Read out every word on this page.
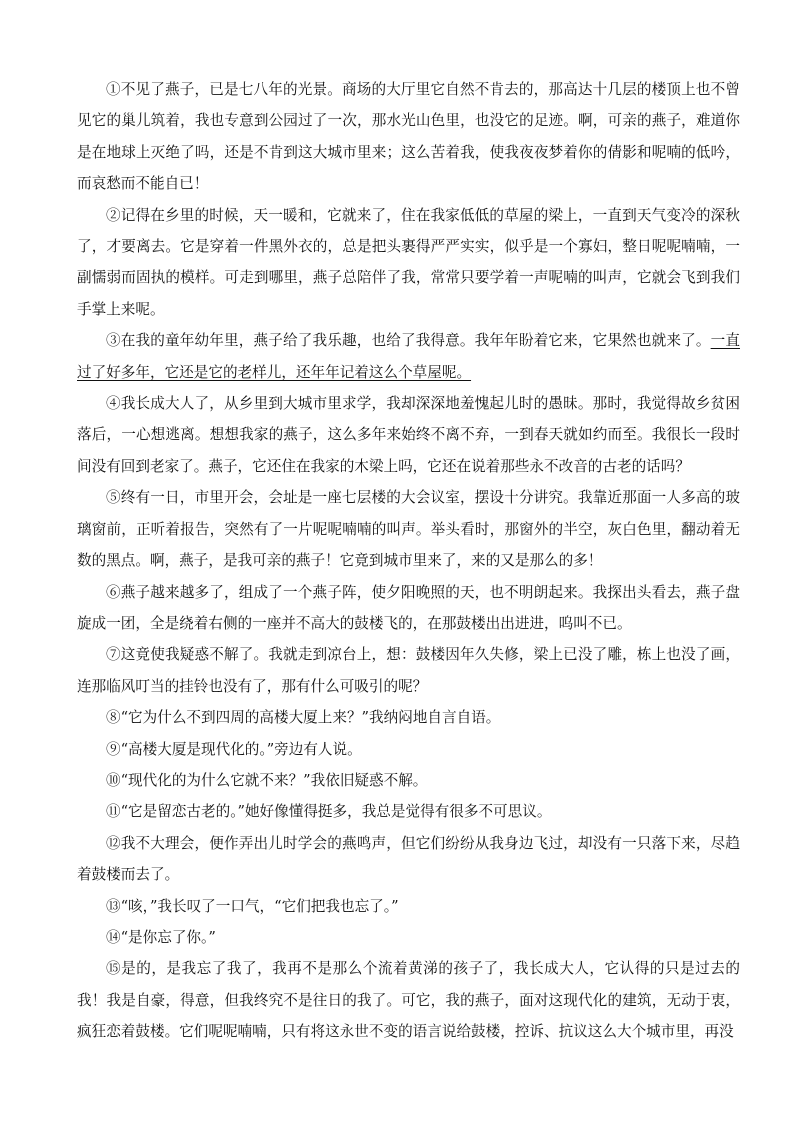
①不见了燕子，已是七八年的光景。商场的大厅里它自然不肯去的，那高达十几层的楼顶上也不曾见它的巢儿筑着，我也专意到公园过了一次，那水光山色里，也没它的足迹。啊，可亲的燕子，难道你是在地球上灭绝了吗，还是不肯到这大城市里来；这么苦着我，使我夜夜梦着你的倩影和呢喃的低吟，而哀愁而不能自已！

②记得在乡里的时候，天一暖和，它就来了，住在我家低低的草屋的梁上，一直到天气变冷的深秋了，才要离去。它是穿着一件黑外衣的，总是把头裹得严严实实，似乎是一个寡妇，整日呢呢喃喃，一副懦弱而固执的模样。可走到哪里，燕子总陪伴了我，常常只要学着一声呢喃的叫声，它就会飞到我们手掌上来呢。

③在我的童年幼年里，燕子给了我乐趣，也给了我得意。我年年盼着它来，它果然也就来了。一直过了好多年，它还是它的老样儿，还年年记着这么个草屋呢。

④我长成大人了，从乡里到大城市里求学，我却深深地羞愧起儿时的愚昧。那时，我觉得故乡贫困落后，一心想逃离。想想我家的燕子，这么多年来始终不离不弃，一到春天就如约而至。我很长一段时间没有回到老家了。燕子，它还住在我家的木梁上吗，它还在说着那些永不改音的古老的话吗？

⑤终有一日，市里开会，会址是一座七层楼的大会议室，摆设十分讲究。我靠近那面一人多高的玻璃窗前，正听着报告，突然有了一片呢呢喃喃的叫声。举头看时，那窗外的半空，灰白色里，翻动着无数的黑点。啊，燕子，是我可亲的燕子！它竟到城市里来了，来的又是那么的多！

⑥燕子越来越多了，组成了一个燕子阵，使夕阳晚照的天，也不明朗起来。我探出头看去，燕子盘旋成一团，全是绕着右侧的一座并不高大的鼓楼飞的，在那鼓楼出出进进，呜叫不已。

⑦这竟使我疑惑不解了。我就走到凉台上，想：鼓楼因年久失修，梁上已没了雕，栋上也没了画，连那临风叮当的挂铃也没有了，那有什么可吸引的呢？

⑧“它为什么不到四周的高楼大厦上来？”我纳闷地自言自语。

⑨“高楼大厦是现代化的。”旁边有人说。

⑩“现代化的为什么它就不来？”我依旧疑惑不解。

⑪“它是留恋古老的。”她好像懂得挺多，我总是觉得有很多不可思议。

⑫我不大理会，便作弄出儿时学会的燕鸣声，但它们纷纷从我身边飞过，却没有一只落下来，尽趋着鼓楼而去了。

⑬“咳，”我长叹了一口气，“它们把我也忘了。”

⑭“是你忘了你。”

⑮是的，是我忘了我了，我再不是那么个流着黄涕的孩子了，我长成大人，它认得的只是过去的我！我是自豪，得意，但我终究不是往日的我了。可它，我的燕子，面对这现代化的建筑，无动于衷，疯狂恋着鼓楼。它们呢呢喃喃，只有将这永世不变的语言说给鼓楼，控诉、抗议这么大个城市里，再没
